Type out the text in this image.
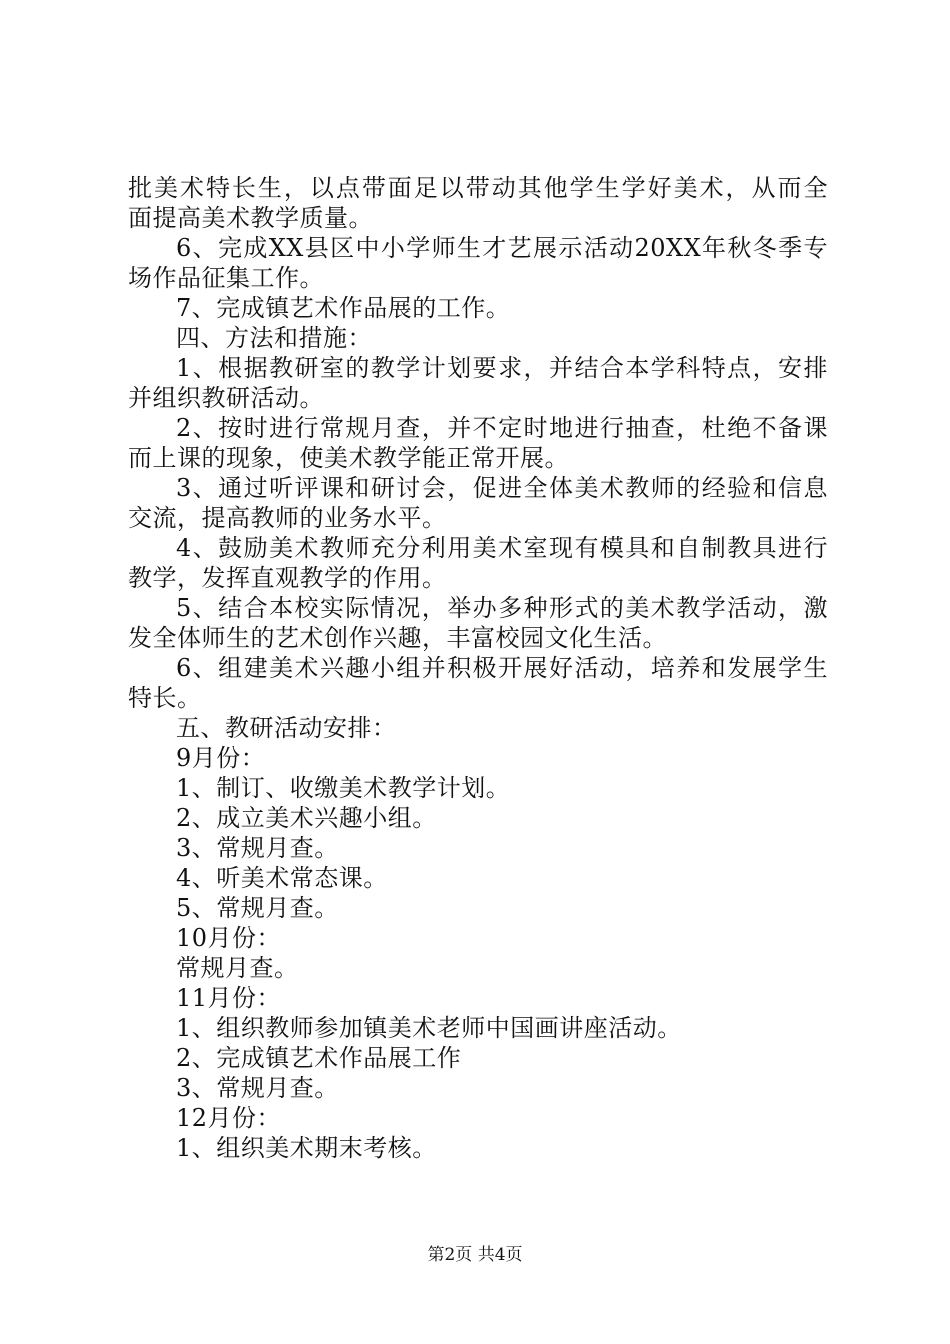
批美术特长生，以点带面足以带动其他学生学好美术，从而全
面提高美术教学质量。
6、完成XX县区中小学师生才艺展示活动20XX年秋冬季专
场作品征集工作。
7、完成镇艺术作品展的工作。
四、方法和措施：
1、根据教研室的教学计划要求，并结合本学科特点，安排
并组织教研活动。
2、按时进行常规月查，并不定时地进行抽查，杜绝不备课
而上课的现象，使美术教学能正常开展。
3、通过听评课和研讨会，促进全体美术教师的经验和信息
交流，提高教师的业务水平。
4、鼓励美术教师充分利用美术室现有模具和自制教具进行
教学，发挥直观教学的作用。
5、结合本校实际情况，举办多种形式的美术教学活动，激
发全体师生的艺术创作兴趣，丰富校园文化生活。
6、组建美术兴趣小组并积极开展好活动，培养和发展学生
特长。
五、教研活动安排：
9月份：
1、制订、收缴美术教学计划。
2、成立美术兴趣小组。
3、常规月查。
4、听美术常态课。
5、常规月查。
10月份：
常规月查。
11月份：
1、组织教师参加镇美术老师中国画讲座活动。
2、完成镇艺术作品展工作
3、常规月查。
12月份：
1、组织美术期末考核。
第2页 共4页
